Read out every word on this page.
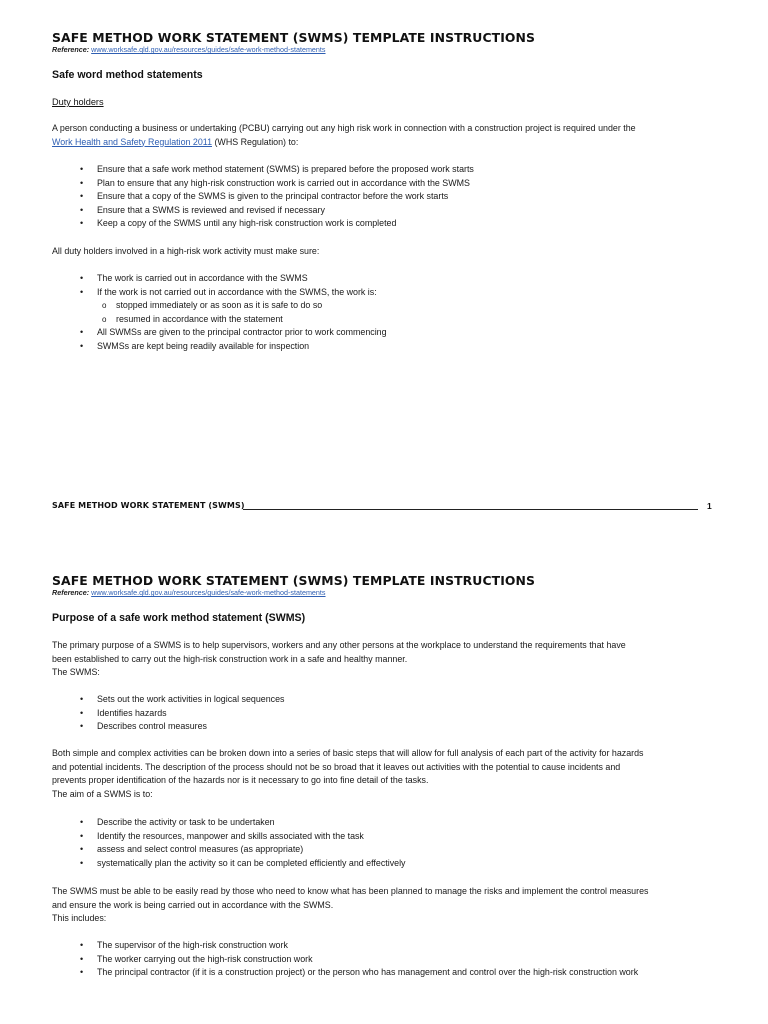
SAFE METHOD WORK STATEMENT (SWMS) TEMPLATE INSTRUCTIONS
Reference: www.worksafe.qld.gov.au/resources/guides/safe-work-method-statements
Safe word method statements
Duty holders

A person conducting a business or undertaking (PCBU) carrying out any high risk work in connection with a construction project is required under the
Work Health and Safety Regulation 2011 (WHS Regulation) to:

• Ensure that a safe work method statement (SWMS) is prepared before the proposed work starts
• Plan to ensure that any high-risk construction work is carried out in accordance with the SWMS
• Ensure that a copy of the SWMS is given to the principal contractor before the work starts
• Ensure that a SWMS is reviewed and revised if necessary
• Keep a copy of the SWMS until any high-risk construction work is completed

All duty holders involved in a high-risk work activity must make sure:

• The work is carried out in accordance with the SWMS
• If the work is not carried out in accordance with the SWMS, the work is:
o stopped immediately or as soon as it is safe to do so
o resumed in accordance with the statement
• All SWMSs are given to the principal contractor prior to work commencing
• SWMSs are kept being readily available for inspection
SAFE METHOD WORK STATEMENT (SWMS)	1
SAFE METHOD WORK STATEMENT (SWMS) TEMPLATE INSTRUCTIONS
Reference: www.worksafe.qld.gov.au/resources/guides/safe-work-method-statements
Purpose of a safe work method statement (SWMS)

The primary purpose of a SWMS is to help supervisors, workers and any other persons at the workplace to understand the requirements that have
been established to carry out the high-risk construction work in a safe and healthy manner.
The SWMS:

• Sets out the work activities in logical sequences
• Identifies hazards
• Describes control measures

Both simple and complex activities can be broken down into a series of basic steps that will allow for full analysis of each part of the activity for hazards
and potential incidents. The description of the process should not be so broad that it leaves out activities with the potential to cause incidents and
prevents proper identification of the hazards nor is it necessary to go into fine detail of the tasks.
The aim of a SWMS is to:

• Describe the activity or task to be undertaken
• Identify the resources, manpower and skills associated with the task
• assess and select control measures (as appropriate)
• systematically plan the activity so it can be completed efficiently and effectively

The SWMS must be able to be easily read by those who need to know what has been planned to manage the risks and implement the control measures
and ensure the work is being carried out in accordance with the SWMS.
This includes:

• The supervisor of the high-risk construction work
• The worker carrying out the high-risk construction work
• The principal contractor (if it is a construction project) or the person who has management and control over the high-risk construction work
